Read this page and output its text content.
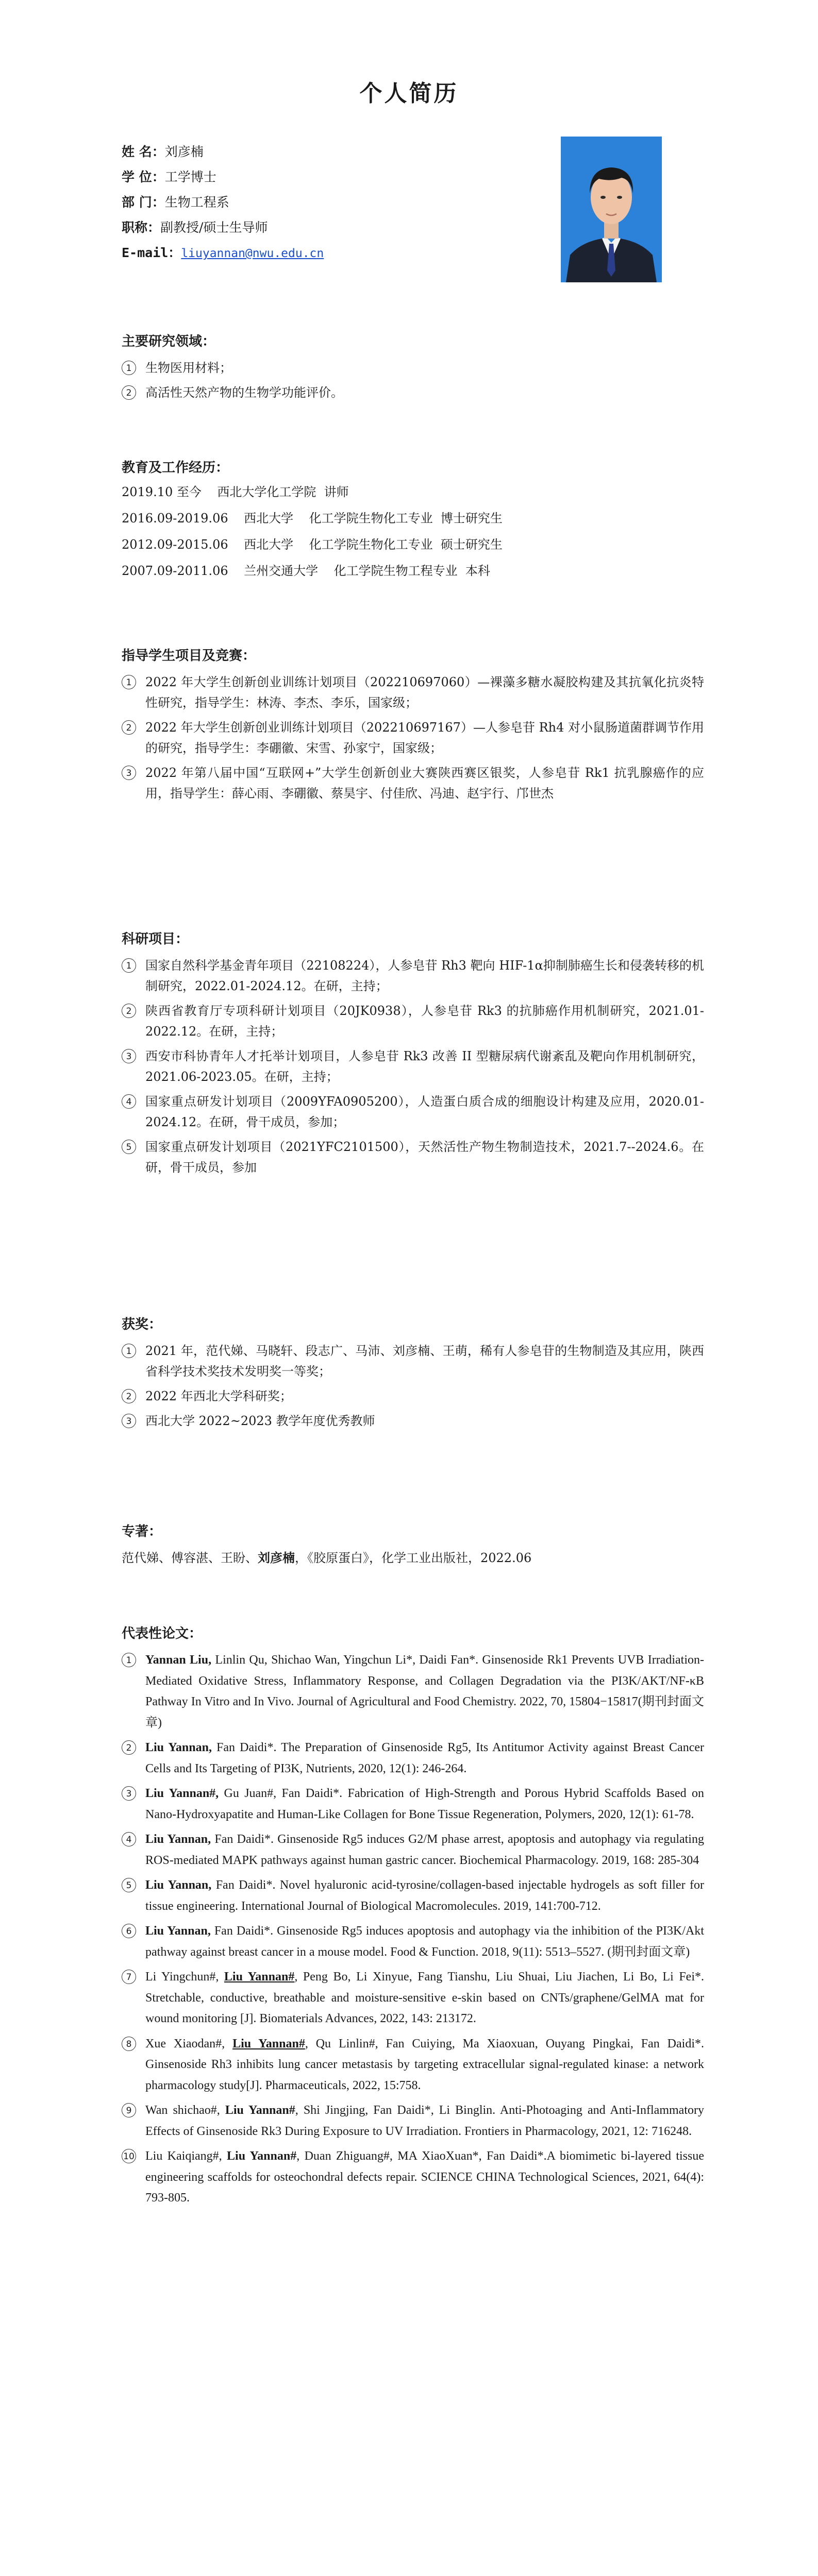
个人简历
姓 名：刘彦楠
学 位：工学博士
部 门：生物工程系
职称：副教授/硕士生导师
E-mail：liuyannan@nwu.edu.cn
主要研究领域：
1	生物医用材料；
2	高活性天然产物的生物学功能评价。
教育及工作经历：
2019.10 至今    西北大学化工学院  讲师
2016.09-2019.06    西北大学    化工学院生物化工专业  博士研究生
2012.09-2015.06    西北大学    化工学院生物化工专业  硕士研究生
2007.09-2011.06    兰州交通大学    化工学院生物工程专业  本科
指导学生项目及竞赛：
1	2022 年大学生创新创业训练计划项目（202210697060）—裸藻多糖水凝胶构建及其抗氧化抗炎特性研究，指导学生：林涛、李杰、李乐，国家级；
2	2022 年大学生创新创业训练计划项目（202210697167）—人参皂苷 Rh4 对小鼠肠道菌群调节作用的研究，指导学生：李硼徽、宋雪、孙家宁，国家级；
3	2022 年第八届中国“互联网+”大学生创新创业大赛陕西赛区银奖，人参皂苷 Rk1 抗乳腺癌作的应用，指导学生：薛心雨、李硼徽、蔡昊宇、付佳欣、冯迪、赵宇行、邝世杰
科研项目：
1	国家自然科学基金青年项目（22108224），人参皂苷 Rh3 靶向 HIF-1α抑制肺癌生长和侵袭转移的机制研究，2022.01-2024.12。在研，主持；
2	陕西省教育厅专项科研计划项目（20JK0938），人参皂苷 Rk3 的抗肺癌作用机制研究，2021.01-2022.12。在研，主持；
3	西安市科协青年人才托举计划项目，人参皂苷 Rk3 改善 II 型糖尿病代谢紊乱及靶向作用机制研究，2021.06-2023.05。在研，主持；
4	国家重点研发计划项目（2009YFA0905200），人造蛋白质合成的细胞设计构建及应用，2020.01-2024.12。在研，骨干成员，参加；
5	国家重点研发计划项目（2021YFC2101500），天然活性产物生物制造技术，2021.7--2024.6。在研，骨干成员，参加
获奖：
1	2021 年，范代娣、马晓轩、段志广、马沛、刘彦楠、王萌，稀有人参皂苷的生物制造及其应用，陕西省科学技术奖技术发明奖一等奖；
2	2022 年西北大学科研奖；
3	西北大学 2022~2023 教学年度优秀教师
专著：
范代娣、傅容湛、王盼、刘彦楠，《胶原蛋白》，化学工业出版社，2022.06
代表性论文：
1	Yannan Liu, Linlin Qu, Shichao Wan, Yingchun Li*, Daidi Fan*. Ginsenoside Rk1 Prevents UVB Irradiation-Mediated Oxidative Stress, Inflammatory Response, and Collagen Degradation via the PI3K/AKT/NF-κB Pathway In Vitro and In Vivo. Journal of Agricultural and Food Chemistry. 2022, 70, 15804−15817(期刊封面文章)
2	Liu Yannan, Fan Daidi*. The Preparation of Ginsenoside Rg5, Its Antitumor Activity against Breast Cancer Cells and Its Targeting of PI3K, Nutrients, 2020, 12(1): 246-264.
3	Liu Yannan#, Gu Juan#, Fan Daidi*. Fabrication of High-Strength and Porous Hybrid Scaffolds Based on Nano-Hydroxyapatite and Human-Like Collagen for Bone Tissue Regeneration, Polymers, 2020, 12(1): 61-78.
4	Liu Yannan, Fan Daidi*. Ginsenoside Rg5 induces G2/M phase arrest, apoptosis and autophagy via regulating ROS-mediated MAPK pathways against human gastric cancer. Biochemical Pharmacology. 2019, 168: 285-304
5	Liu Yannan, Fan Daidi*. Novel hyaluronic acid-tyrosine/collagen-based injectable hydrogels as soft filler for tissue engineering. International Journal of Biological Macromolecules. 2019, 141:700-712.
6	Liu Yannan, Fan Daidi*. Ginsenoside Rg5 induces apoptosis and autophagy via the inhibition of the PI3K/Akt pathway against breast cancer in a mouse model. Food & Function. 2018, 9(11): 5513–5527. (期刊封面文章)
7	Li Yingchun#, Liu Yannan#, Peng Bo, Li Xinyue, Fang Tianshu, Liu Shuai, Liu Jiachen, Li Bo, Li Fei*. Stretchable, conductive, breathable and moisture-sensitive e-skin based on CNTs/graphene/GelMA mat for wound monitoring [J]. Biomaterials Advances, 2022, 143: 213172.
8	Xue Xiaodan#, Liu Yannan#, Qu Linlin#, Fan Cuiying, Ma Xiaoxuan, Ouyang Pingkai, Fan Daidi*. Ginsenoside Rh3 inhibits lung cancer metastasis by targeting extracellular signal-regulated kinase: a network pharmacology study[J]. Pharmaceuticals, 2022, 15:758.
9	Wan shichao#, Liu Yannan#, Shi Jingjing, Fan Daidi*, Li Binglin. Anti-Photoaging and Anti-Inflammatory Effects of Ginsenoside Rk3 During Exposure to UV Irradiation. Frontiers in Pharmacology, 2021, 12: 716248.
10 Liu Kaiqiang#, Liu Yannan#, Duan Zhiguang#, MA XiaoXuan*, Fan Daidi*.A biomimetic bi-layered tissue engineering scaffolds for osteochondral defects repair. SCIENCE CHINA Technological Sciences, 2021, 64(4): 793-805.
